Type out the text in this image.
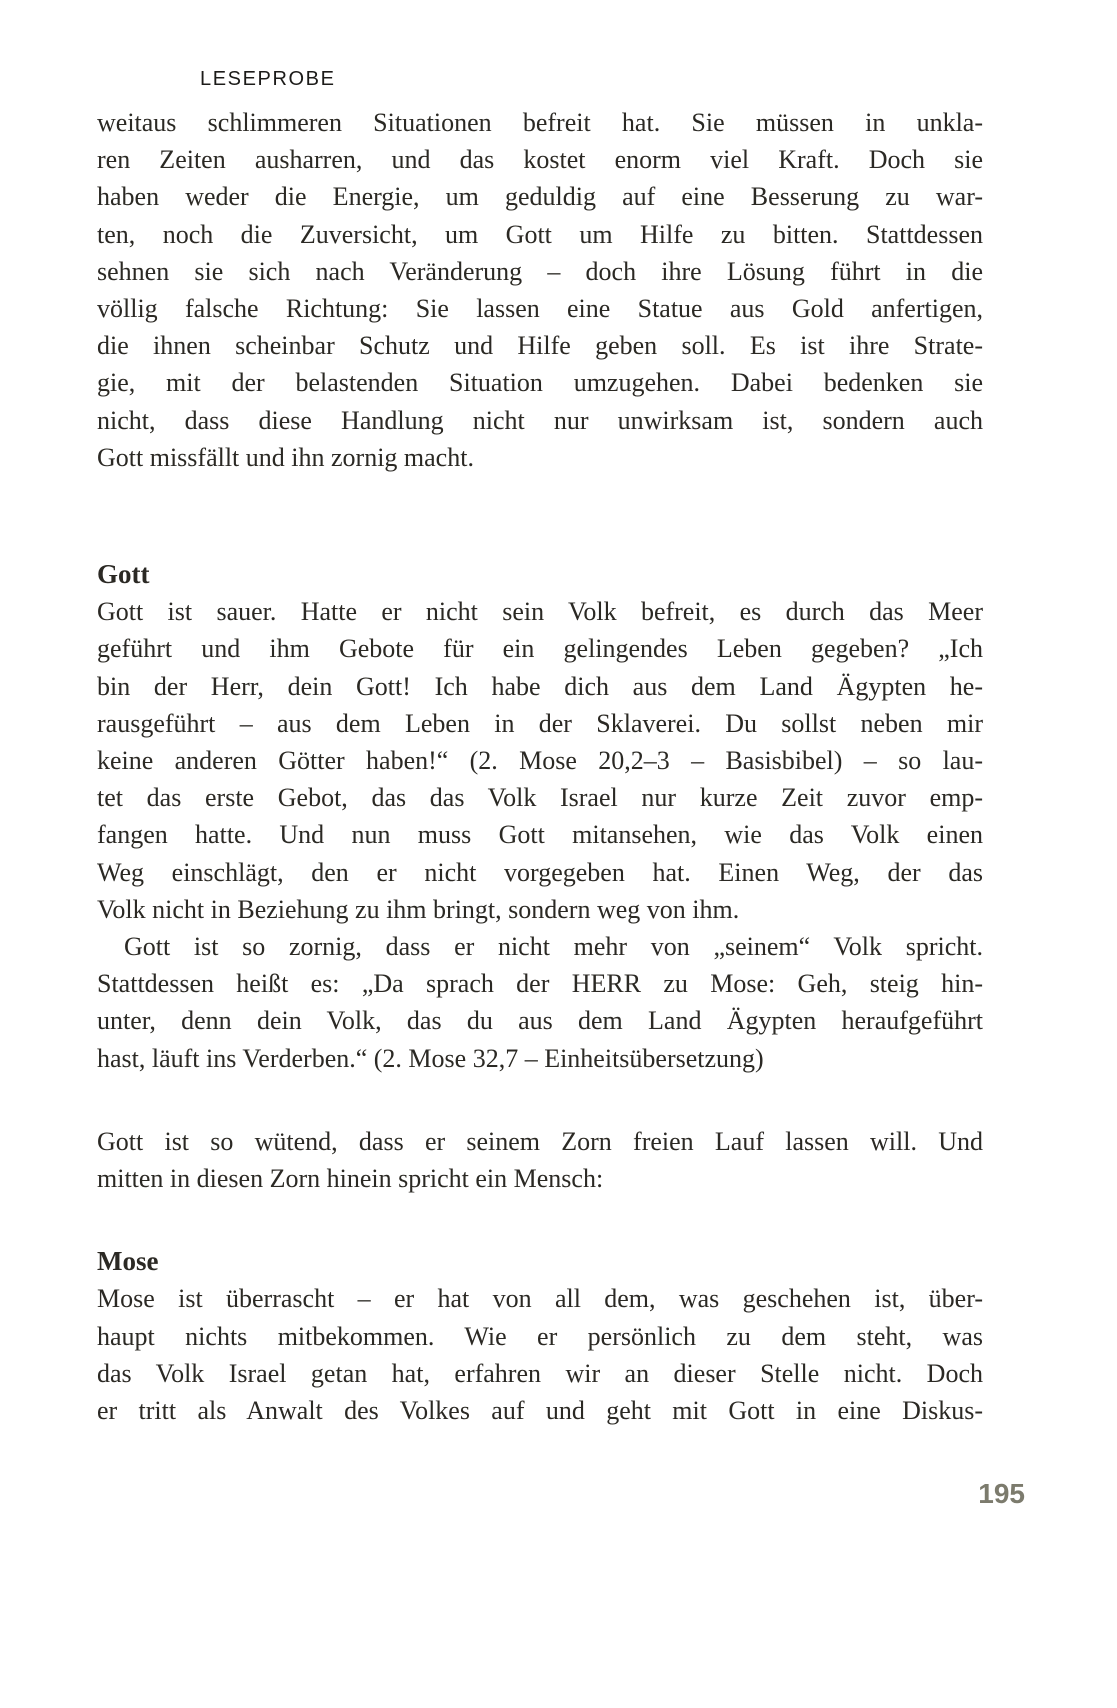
LESEPROBE
weitaus schlimmeren Situationen befreit hat. Sie müssen in unkla-
ren Zeiten ausharren, und das kostet enorm viel Kraft. Doch sie
haben weder die Energie, um geduldig auf eine Besserung zu war-
ten, noch die Zuversicht, um Gott um Hilfe zu bitten. Stattdessen
sehnen sie sich nach Veränderung – doch ihre Lösung führt in die
völlig falsche Richtung: Sie lassen eine Statue aus Gold anfertigen,
die ihnen scheinbar Schutz und Hilfe geben soll. Es ist ihre Strate-
gie, mit der belastenden Situation umzugehen. Dabei bedenken sie
nicht, dass diese Handlung nicht nur unwirksam ist, sondern auch
Gott missfällt und ihn zornig macht.
Gott
Gott ist sauer. Hatte er nicht sein Volk befreit, es durch das Meer
geführt und ihm Gebote für ein gelingendes Leben gegeben? „Ich
bin der Herr, dein Gott! Ich habe dich aus dem Land Ägypten he-
rausgeführt – aus dem Leben in der Sklaverei. Du sollst neben mir
keine anderen Götter haben!“ (2. Mose 20,2–3 – Basisbibel) – so lau-
tet das erste Gebot, das das Volk Israel nur kurze Zeit zuvor emp-
fangen hatte. Und nun muss Gott mitansehen, wie das Volk einen
Weg einschlägt, den er nicht vorgegeben hat. Einen Weg, der das
Volk nicht in Beziehung zu ihm bringt, sondern weg von ihm.
Gott ist so zornig, dass er nicht mehr von „seinem“ Volk spricht.
Stattdessen heißt es: „Da sprach der HERR zu Mose: Geh, steig hin-
unter, denn dein Volk, das du aus dem Land Ägypten heraufgeführt
hast, läuft ins Verderben.“ (2. Mose 32,7 – Einheitsübersetzung)
Gott ist so wütend, dass er seinem Zorn freien Lauf lassen will. Und
mitten in diesen Zorn hinein spricht ein Mensch:
Mose
Mose ist überrascht – er hat von all dem, was geschehen ist, über-
haupt nichts mitbekommen. Wie er persönlich zu dem steht, was
das Volk Israel getan hat, erfahren wir an dieser Stelle nicht. Doch
er tritt als Anwalt des Volkes auf und geht mit Gott in eine Diskus-
195
